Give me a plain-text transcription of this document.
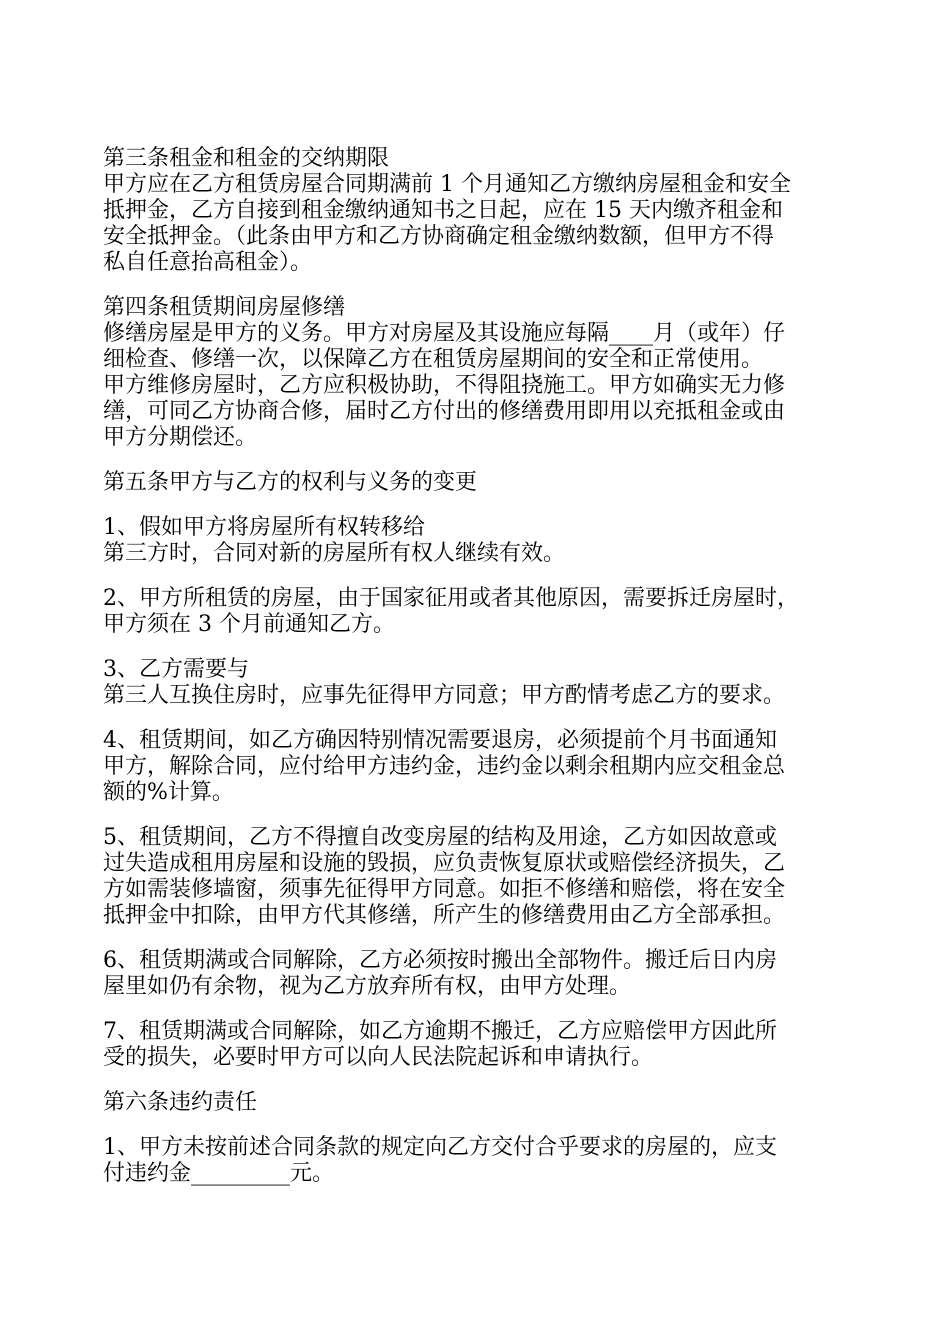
第三条租金和租金的交纳期限
甲方应在乙方租赁房屋合同期满前 1 个月通知乙方缴纳房屋租金和安全
抵押金，乙方自接到租金缴纳通知书之日起，应在 15 天内缴齐租金和
安全抵押金。（此条由甲方和乙方协商确定租金缴纳数额，但甲方不得
私自任意抬高租金）。
第四条租赁期间房屋修缮
修缮房屋是甲方的义务。甲方对房屋及其设施应每隔____月（或年）仔
细检查、修缮一次，以保障乙方在租赁房屋期间的安全和正常使用。
甲方维修房屋时，乙方应积极协助，不得阻挠施工。甲方如确实无力修
缮，可同乙方协商合修，届时乙方付出的修缮费用即用以充抵租金或由
甲方分期偿还。
第五条甲方与乙方的权利与义务的变更
1、假如甲方将房屋所有权转移给
第三方时，合同对新的房屋所有权人继续有效。
2、甲方所租赁的房屋，由于国家征用或者其他原因，需要拆迁房屋时，
甲方须在 3 个月前通知乙方。
3、乙方需要与
第三人互换住房时，应事先征得甲方同意；甲方酌情考虑乙方的要求。
4、租赁期间，如乙方确因特别情况需要退房，必须提前个月书面通知
甲方，解除合同，应付给甲方违约金，违约金以剩余租期内应交租金总
额的%计算。
5、租赁期间，乙方不得擅自改变房屋的结构及用途，乙方如因故意或
过失造成租用房屋和设施的毁损，应负责恢复原状或赔偿经济损失，乙
方如需装修墙窗，须事先征得甲方同意。如拒不修缮和赔偿，将在安全
抵押金中扣除，由甲方代其修缮，所产生的修缮费用由乙方全部承担。
6、租赁期满或合同解除，乙方必须按时搬出全部物件。搬迁后日内房
屋里如仍有余物，视为乙方放弃所有权，由甲方处理。
7、租赁期满或合同解除，如乙方逾期不搬迁，乙方应赔偿甲方因此所
受的损失，必要时甲方可以向人民法院起诉和申请执行。
第六条违约责任
1、甲方未按前述合同条款的规定向乙方交付合乎要求的房屋的，应支
付违约金_________元。
